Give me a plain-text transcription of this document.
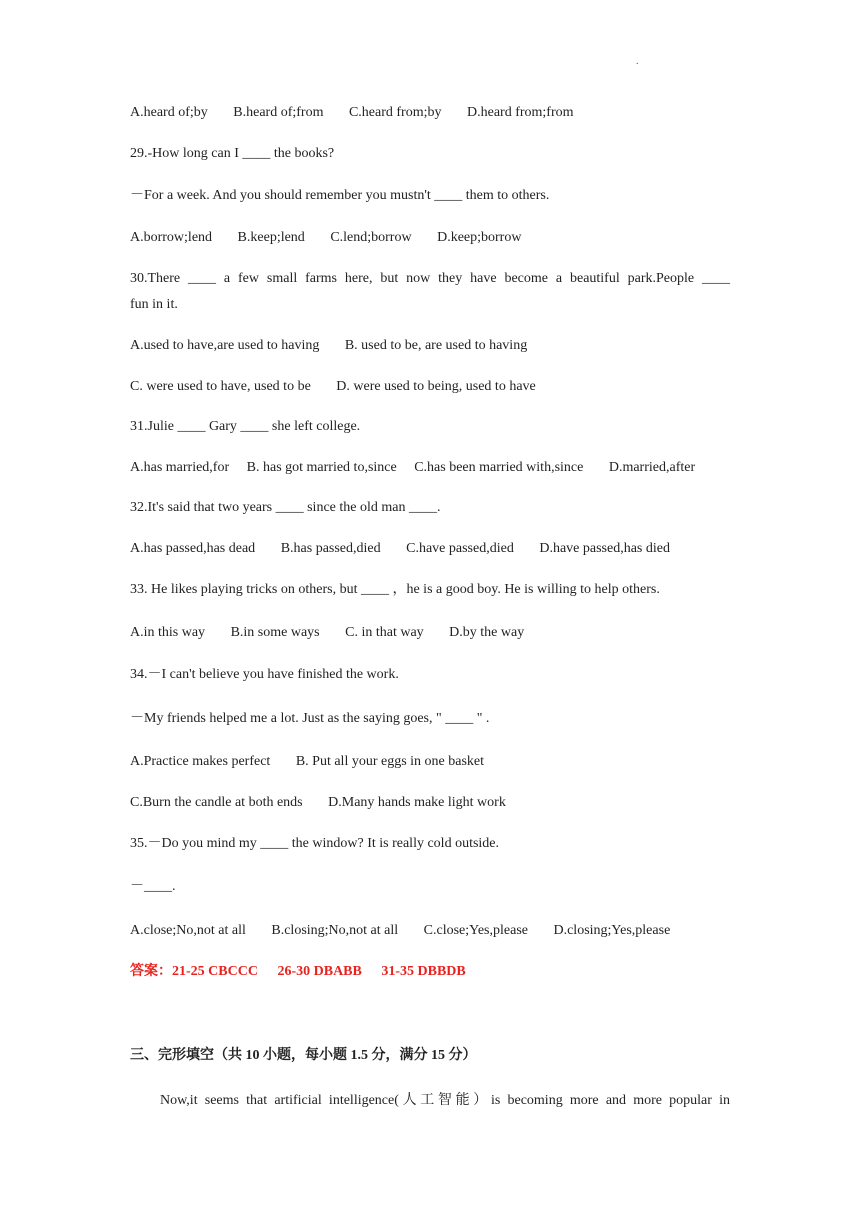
.
A.heard of;by B.heard of;from C.heard from;by D.heard from;from
29.-How long can I ____ the books?
－For a week. And you should remember you mustn't ____ them to others.
A.borrow;lend B.keep;lend C.lend;borrow D.keep;borrow
30.There ____ a few small farms here, but now they have become a beautiful park.People ____
fun in it.
A.used to have,are used to having B. used to be, are used to having
C. were used to have, used to be D. were used to being, used to have
31.Julie ____ Gary ____ she left college.
A.has married,for B. has got married to,since C.has been married with,since D.married,after
32.It's said that two years ____ since the old man ____.
A.has passed,has dead B.has passed,died C.have passed,died D.have passed,has died
33. He likes playing tricks on others, but ____ ，he is a good boy. He is willing to help others.
A.in this way B.in some ways C. in that way D.by the way
34.－I can't believe you have finished the work.
－My friends helped me a lot. Just as the saying goes, " ____ " .
A.Practice makes perfect B. Put all your eggs in one basket
C.Burn the candle at both ends D.Many hands make light work
35.－Do you mind my ____ the window? It is really cold outside.
－____.
A.close;No,not at all B.closing;No,not at all C.close;Yes,please D.closing;Yes,please
答案：21-25 CBCCC 26-30 DBABB 31-35 DBBDB
三、完形填空（共 10 小题，每小题 1.5 分，满分 15 分）
Now,it seems that artificial intelligence(人工智能）is becoming more and more popular in
